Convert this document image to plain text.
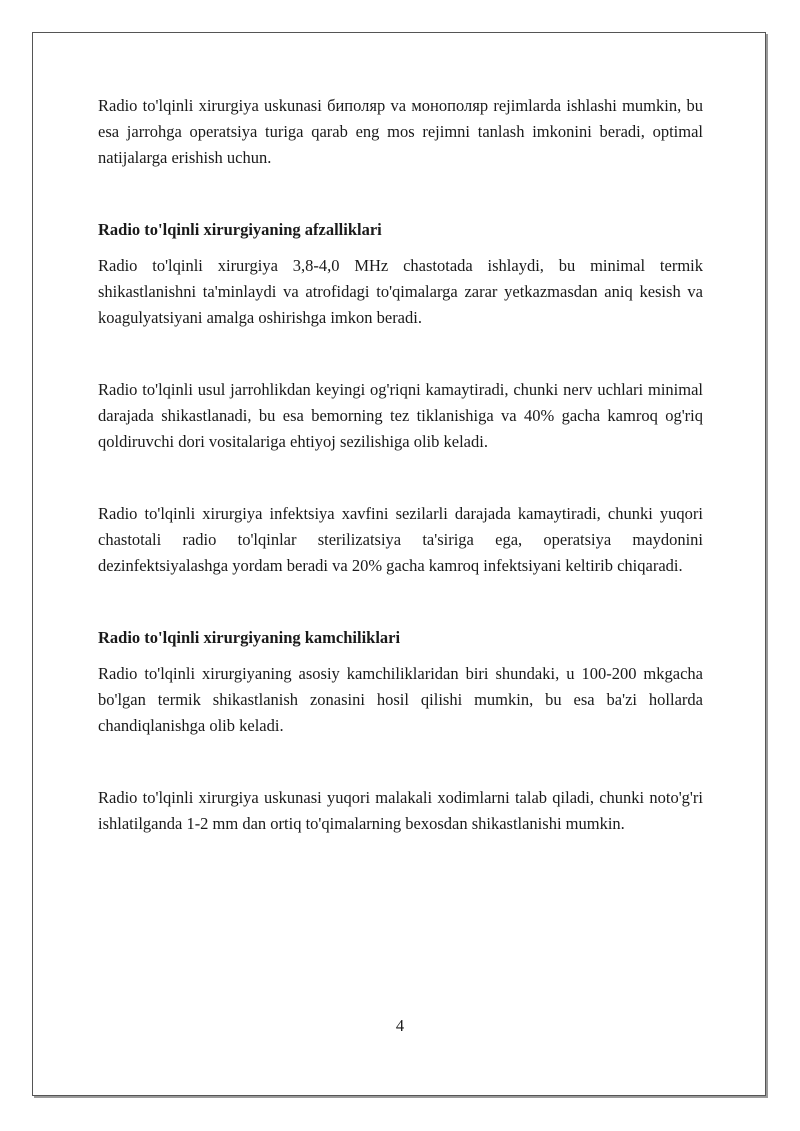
Radio to'lqinli xirurgiya uskunasi биполяр va монополяр rejimlarda ishlashi mumkin, bu esa jarrohga operatsiya turiga qarab eng mos rejimni tanlash imkonini beradi, optimal natijalarga erishish uchun.

Radio to'lqinli xirurgiyaning afzalliklari

Radio to'lqinli xirurgiya 3,8-4,0 MHz chastotada ishlaydi, bu minimal termik shikastlanishni ta'minlaydi va atrofidagi to'qimalarga zarar yetkazmasdan aniq kesish va koagulyatsiyani amalga oshirishga imkon beradi.

Radio to'lqinli usul jarrohlikdan keyingi og'riqni kamaytiradi, chunki nerv uchlari minimal darajada shikastlanadi, bu esa bemorning tez tiklanishiga va 40% gacha kamroq og'riq qoldiruvchi dori vositalariga ehtiyoj sezilishiga olib keladi.

Radio to'lqinli xirurgiya infektsiya xavfini sezilarli darajada kamaytiradi, chunki yuqori chastotali radio to'lqinlar sterilizatsiya ta'siriga ega, operatsiya maydonini dezinfektsiyalashga yordam beradi va 20% gacha kamroq infektsiyani keltirib chiqaradi.

Radio to'lqinli xirurgiyaning kamchiliklari

Radio to'lqinli xirurgiyaning asosiy kamchiliklaridan biri shundaki, u 100-200 mkgacha bo'lgan termik shikastlanish zonasini hosil qilishi mumkin, bu esa ba'zi hollarda chandiqlanishga olib keladi.

Radio to'lqinli xirurgiya uskunasi yuqori malakali xodimlarni talab qiladi, chunki noto'g'ri ishlatilganda 1-2 mm dan ortiq to'qimalarning bexosdan shikastlanishi mumkin.

4
